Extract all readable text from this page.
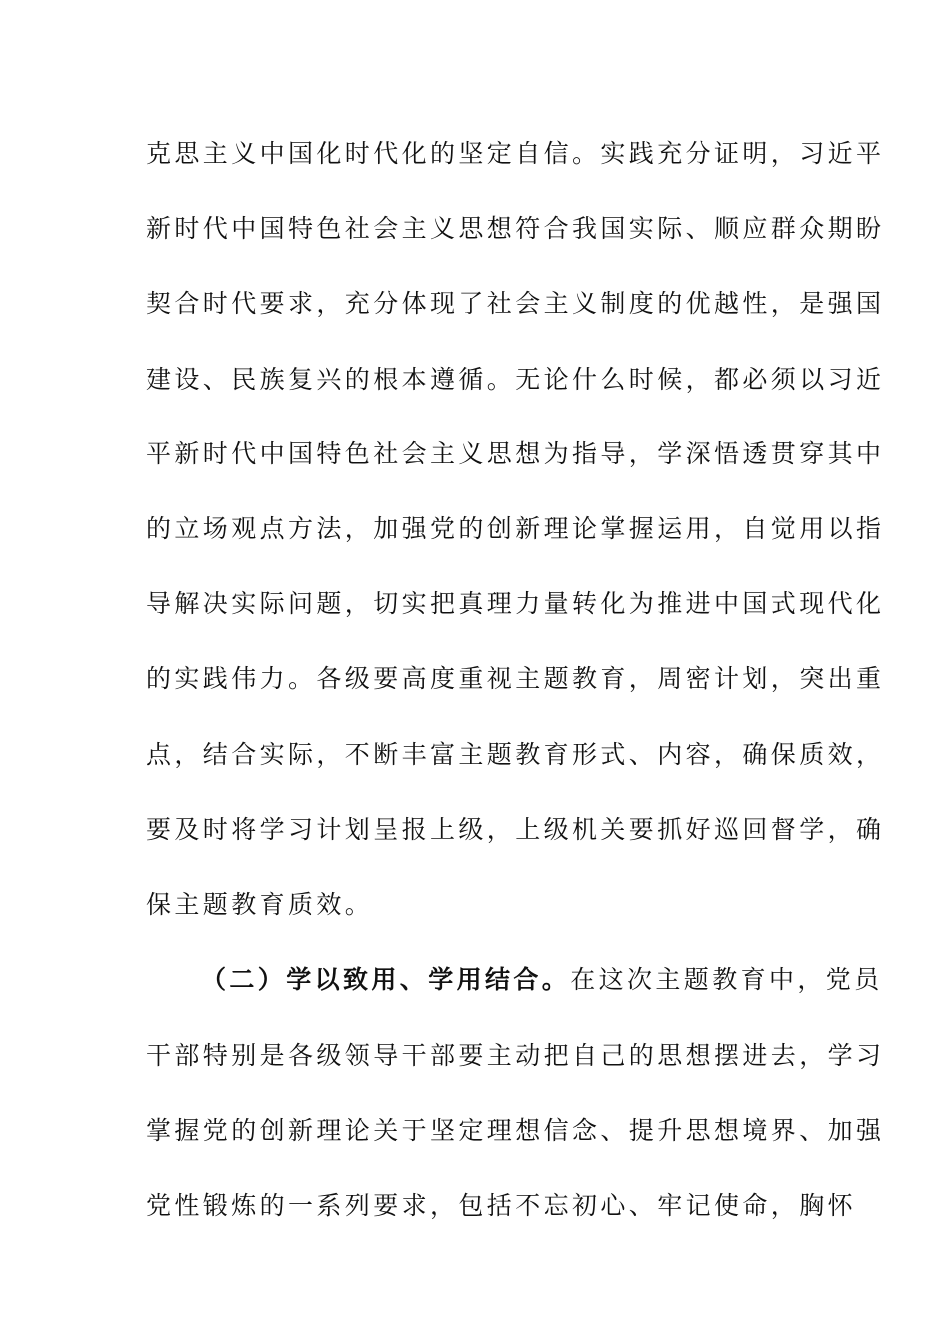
克思主义中国化时代化的坚定自信。实践充分证明，习近平
新时代中国特色社会主义思想符合我国实际、顺应群众期盼
契合时代要求，充分体现了社会主义制度的优越性，是强国
建设、民族复兴的根本遵循。无论什么时候，都必须以习近
平新时代中国特色社会主义思想为指导，学深悟透贯穿其中
的立场观点方法，加强党的创新理论掌握运用，自觉用以指
导解决实际问题，切实把真理力量转化为推进中国式现代化
的实践伟力。各级要高度重视主题教育，周密计划，突出重
点，结合实际，不断丰富主题教育形式、内容，确保质效，
要及时将学习计划呈报上级，上级机关要抓好巡回督学，确
保主题教育质效。
（二）学以致用、学用结合。在这次主题教育中，党员
干部特别是各级领导干部要主动把自己的思想摆进去，学习
掌握党的创新理论关于坚定理想信念、提升思想境界、加强
党性锻炼的一系列要求，包括不忘初心、牢记使命，胸怀
